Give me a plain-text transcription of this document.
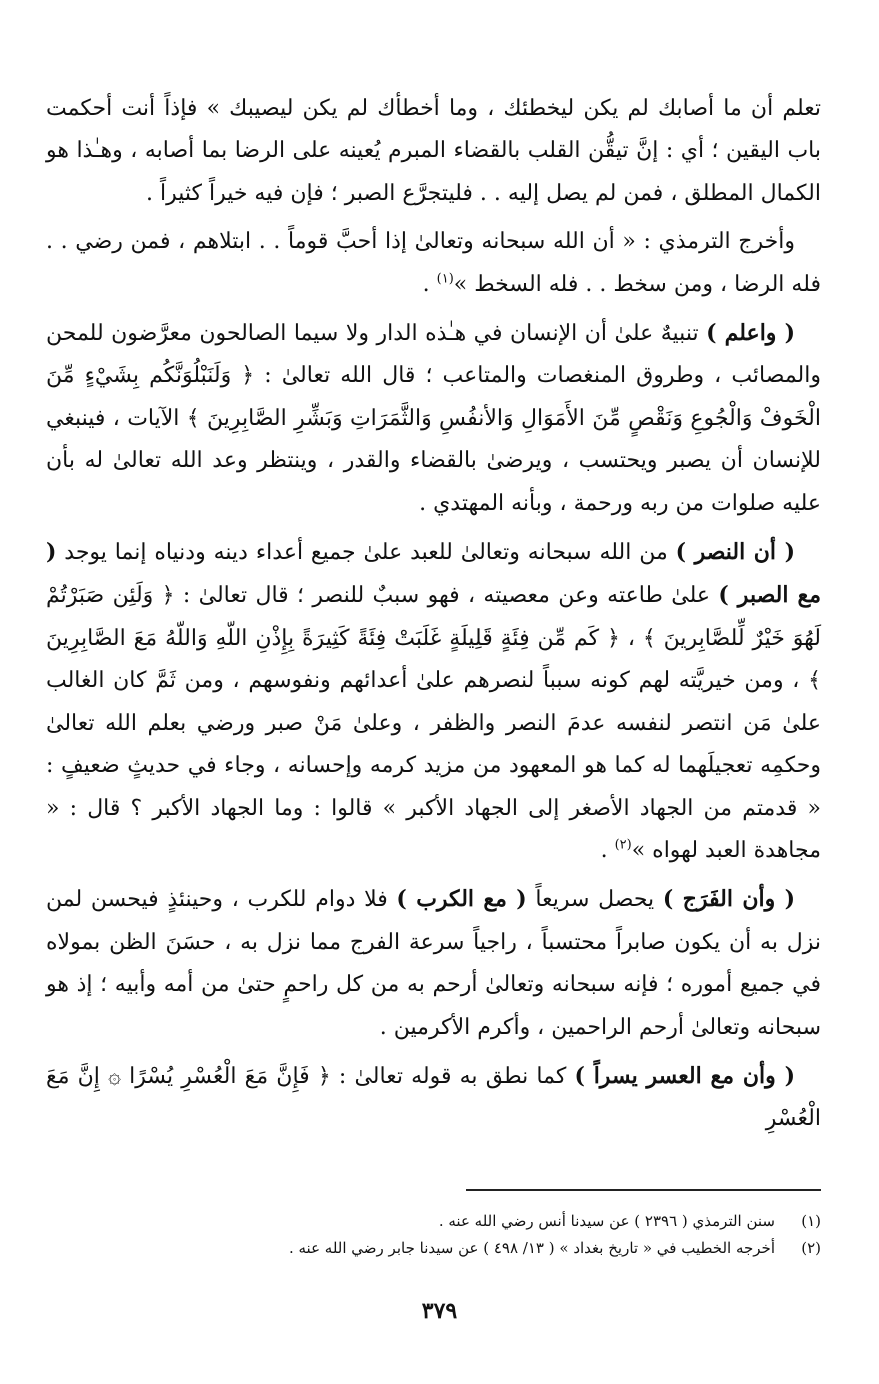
تعلم أن ما أصابك لم يكن ليخطئك ، وما أخطأك لم يكن ليصيبك » فإذاً أنت أحكمت باب اليقين ؛ أي : إنَّ تيقُّن القلب بالقضاء المبرم يُعينه على الرضا بما أصابه ، وهـٰذا هو الكمال المطلق ، فمن لم يصل إليه . . فليتجرَّع الصبر ؛ فإن فيه خيراً كثيراً .

وأخرج الترمذي : « أن الله سبحانه وتعالىٰ إذا أحبَّ قوماً . . ابتلاهم ، فمن رضي . . فله الرضا ، ومن سخط . . فله السخط »$^{(١)}$ .

( واعلم ) تنبيهٌ علىٰ أن الإنسان في هـٰذه الدار ولا سيما الصالحون معرَّضون للمحن والمصائب ، وطروق المنغصات والمتاعب ؛ قال الله تعالىٰ : ﴿ وَلَنَبْلُوَنَّكُم بِشَيْءٍ مِّنَ الْخَوفْ وَالْجُوعِ وَنَقْصٍ مِّنَ الأَمَوَالِ وَالأنفُسِ وَالثَّمَرَاتِ وَبَشِّرِ الصَّابِرِينَ ﴾ الآيات ، فينبغي للإنسان أن يصبر ويحتسب ، ويرضىٰ بالقضاء والقدر ، وينتظر وعد الله تعالىٰ له بأن عليه صلوات من ربه ورحمة ، وبأنه المهتدي .

( أن النصر ) من الله سبحانه وتعالىٰ للعبد علىٰ جميع أعداء دينه ودنياه إنما يوجد ( مع الصبر ) علىٰ طاعته وعن معصيته ، فهو سببٌ للنصر ؛ قال تعالىٰ : ﴿ وَلَئِن صَبَرْتُمْ لَهُوَ خَيْرٌ لِّلصَّابِرينَ ﴾ ، ﴿ كَم مِّن فِئَةٍ قَلِيلَةٍ غَلَبَتْ فِئَةً كَثِيرَةً بِإِذْنِ اللّهِ وَاللّهُ مَعَ الصَّابِرِينَ ﴾ ، ومن خيريَّته لهم كونه سبباً لنصرهم علىٰ أعدائهم ونفوسهم ، ومن ثَمَّ كان الغالب علىٰ مَن انتصر لنفسه عدمَ النصر والظفر ، وعلىٰ مَنْ صبر ورضي بعلم الله تعالىٰ وحكمِه تعجيلَهما له كما هو المعهود من مزيد كرمه وإحسانه ، وجاء في حديثٍ ضعيفٍ : « قدمتم من الجهاد الأصغر إلى الجهاد الأكبر » قالوا : وما الجهاد الأكبر ؟ قال : « مجاهدة العبد لهواه »$^{(٢)}$ .

( وأن الفَرَج ) يحصل سريعاً ( مع الكرب ) فلا دوام للكرب ، وحينئذٍ فيحسن لمن نزل به أن يكون صابراً محتسباً ، راجياً سرعة الفرج مما نزل به ، حسَنَ الظن بمولاه في جميع أموره ؛ فإنه سبحانه وتعالىٰ أرحم به من كل راحمٍ حتىٰ من أمه وأبيه ؛ إذ هو سبحانه وتعالىٰ أرحم الراحمين ، وأكرم الأكرمين .

( وأن مع العسر يسراً ) كما نطق به قوله تعالىٰ : ﴿ فَإِنَّ مَعَ الْعُسْرِ يُسْرًا ۞ إِنَّ مَعَ الْعُسْرِ

(١)
سنن الترمذي ( ٢٣٩٦ ) عن سيدنا أنس رضي الله عنه .
(٢)
أخرجه الخطيب في « تاريخ بغداد » ( ١٣/ ٤٩٨ ) عن سيدنا جابر رضي الله عنه .
٣٧٩
